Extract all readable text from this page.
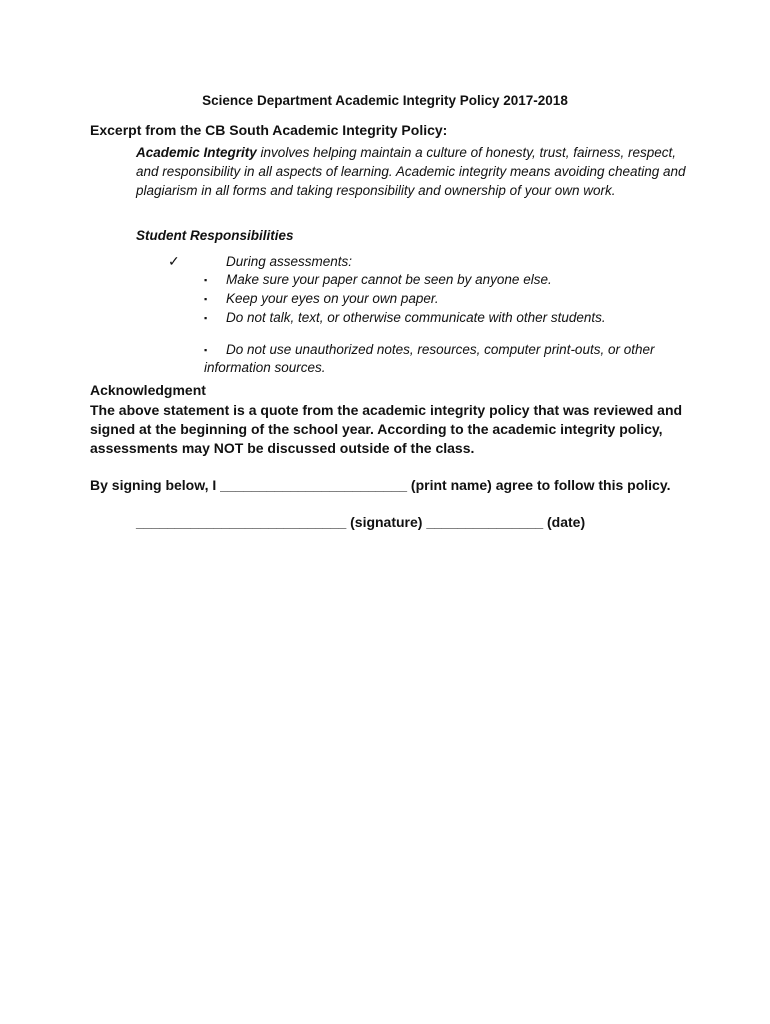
Science Department Academic Integrity Policy 2017-2018
Excerpt from the CB South Academic Integrity Policy:
Academic Integrity involves helping maintain a culture of honesty, trust, fairness, respect, and responsibility in all aspects of learning. Academic integrity means avoiding cheating and plagiarism in all forms and taking responsibility and ownership of your own work.
Student Responsibilities
✓	During assessments:
▪ Make sure your paper cannot be seen by anyone else.
▪ Keep your eyes on your own paper.
▪ Do not talk, text, or otherwise communicate with other students.
▪ Do not use unauthorized notes, resources, computer print-outs, or other
information sources.
Acknowledgment
The above statement is a quote from the academic integrity policy that was reviewed and signed at the beginning of the school year. According to the academic integrity policy, assessments may NOT be discussed outside of the class.
By signing below, I ________________________ (print name) agree to follow this policy.
___________________________ (signature) _______________ (date)
